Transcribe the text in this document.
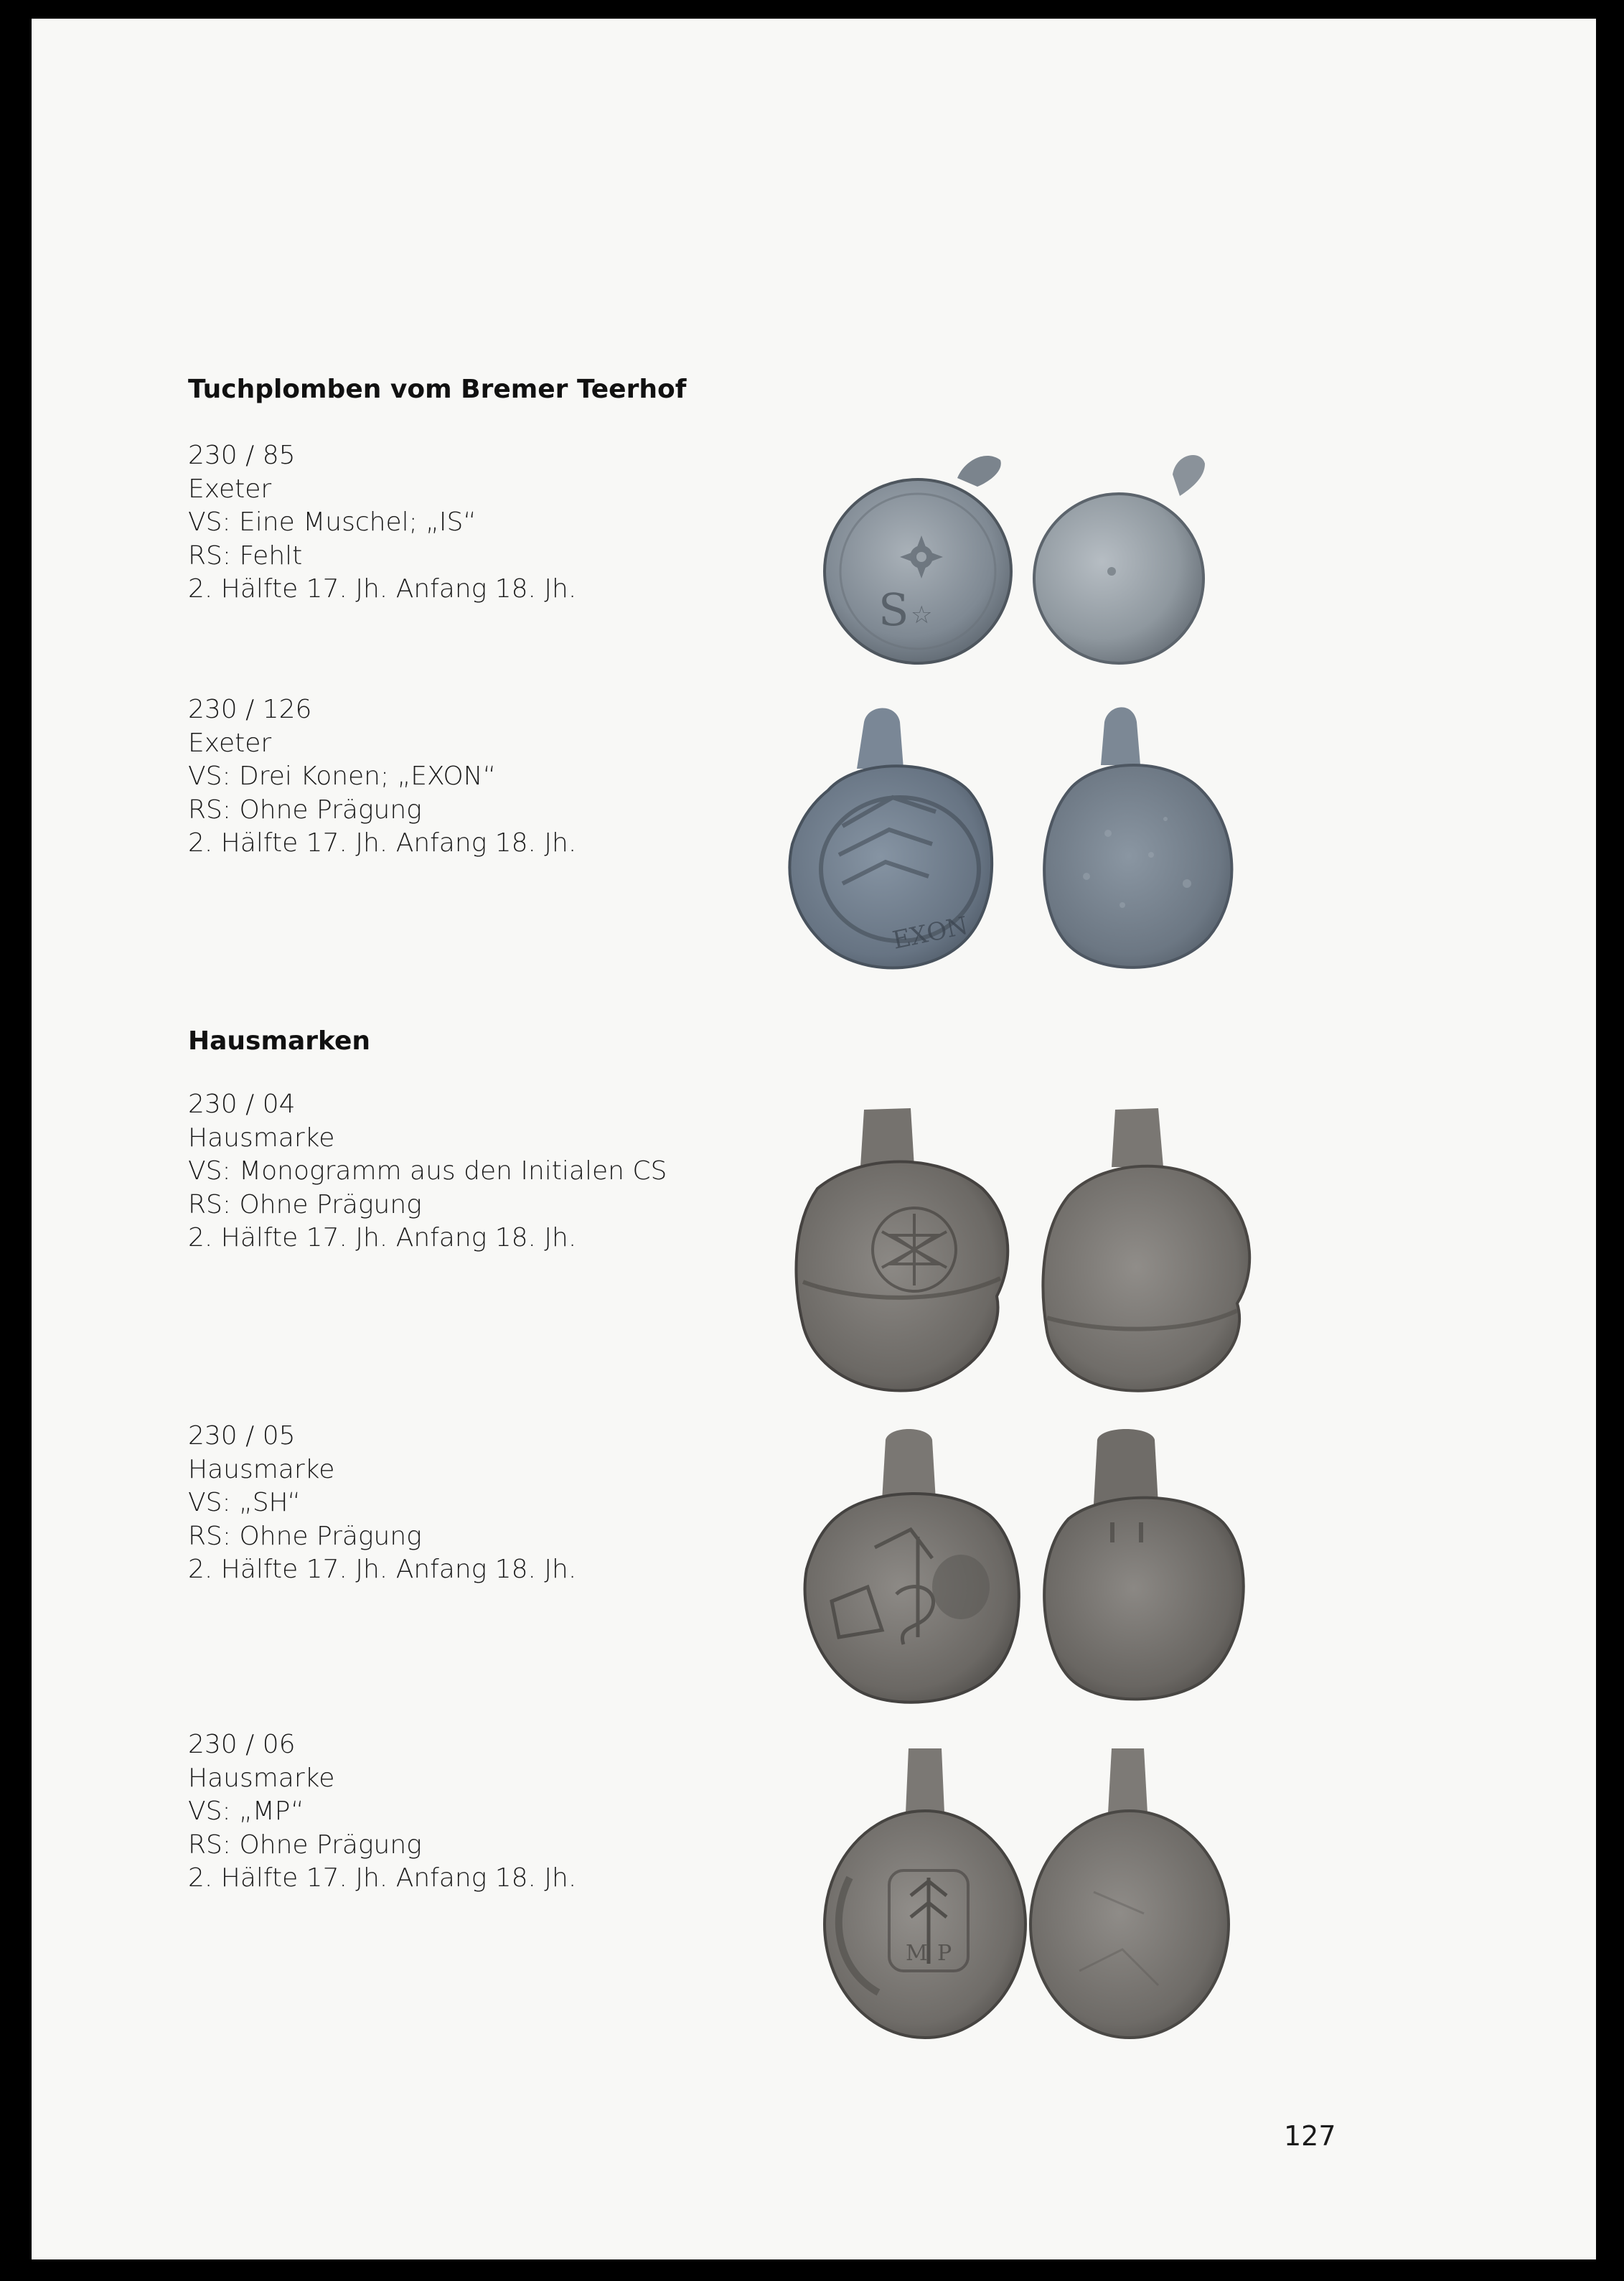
Tuchplomben vom Bremer Teerhof
230 / 85
Exeter
VS: Eine Muschel; „IS“
RS: Fehlt
2. Hälfte 17. Jh. Anfang 18. Jh.	S ☆
230 / 126
Exeter
VS: Drei Konen; „EXON“
RS: Ohne Prägung
2. Hälfte 17. Jh. Anfang 18. Jh.
EXON
Hausmarken
230 / 04
Hausmarke
VS: Monogramm aus den Initialen CS
RS: Ohne Prägung
2. Hälfte 17. Jh. Anfang 18. Jh.
230 / 05
Hausmarke
VS: „SH“
RS: Ohne Prägung
2. Hälfte 17. Jh. Anfang 18. Jh.
230 / 06
Hausmarke
VS: „MP“
RS: Ohne Prägung
2. Hälfte 17. Jh. Anfang 18. Jh.
M P
127
